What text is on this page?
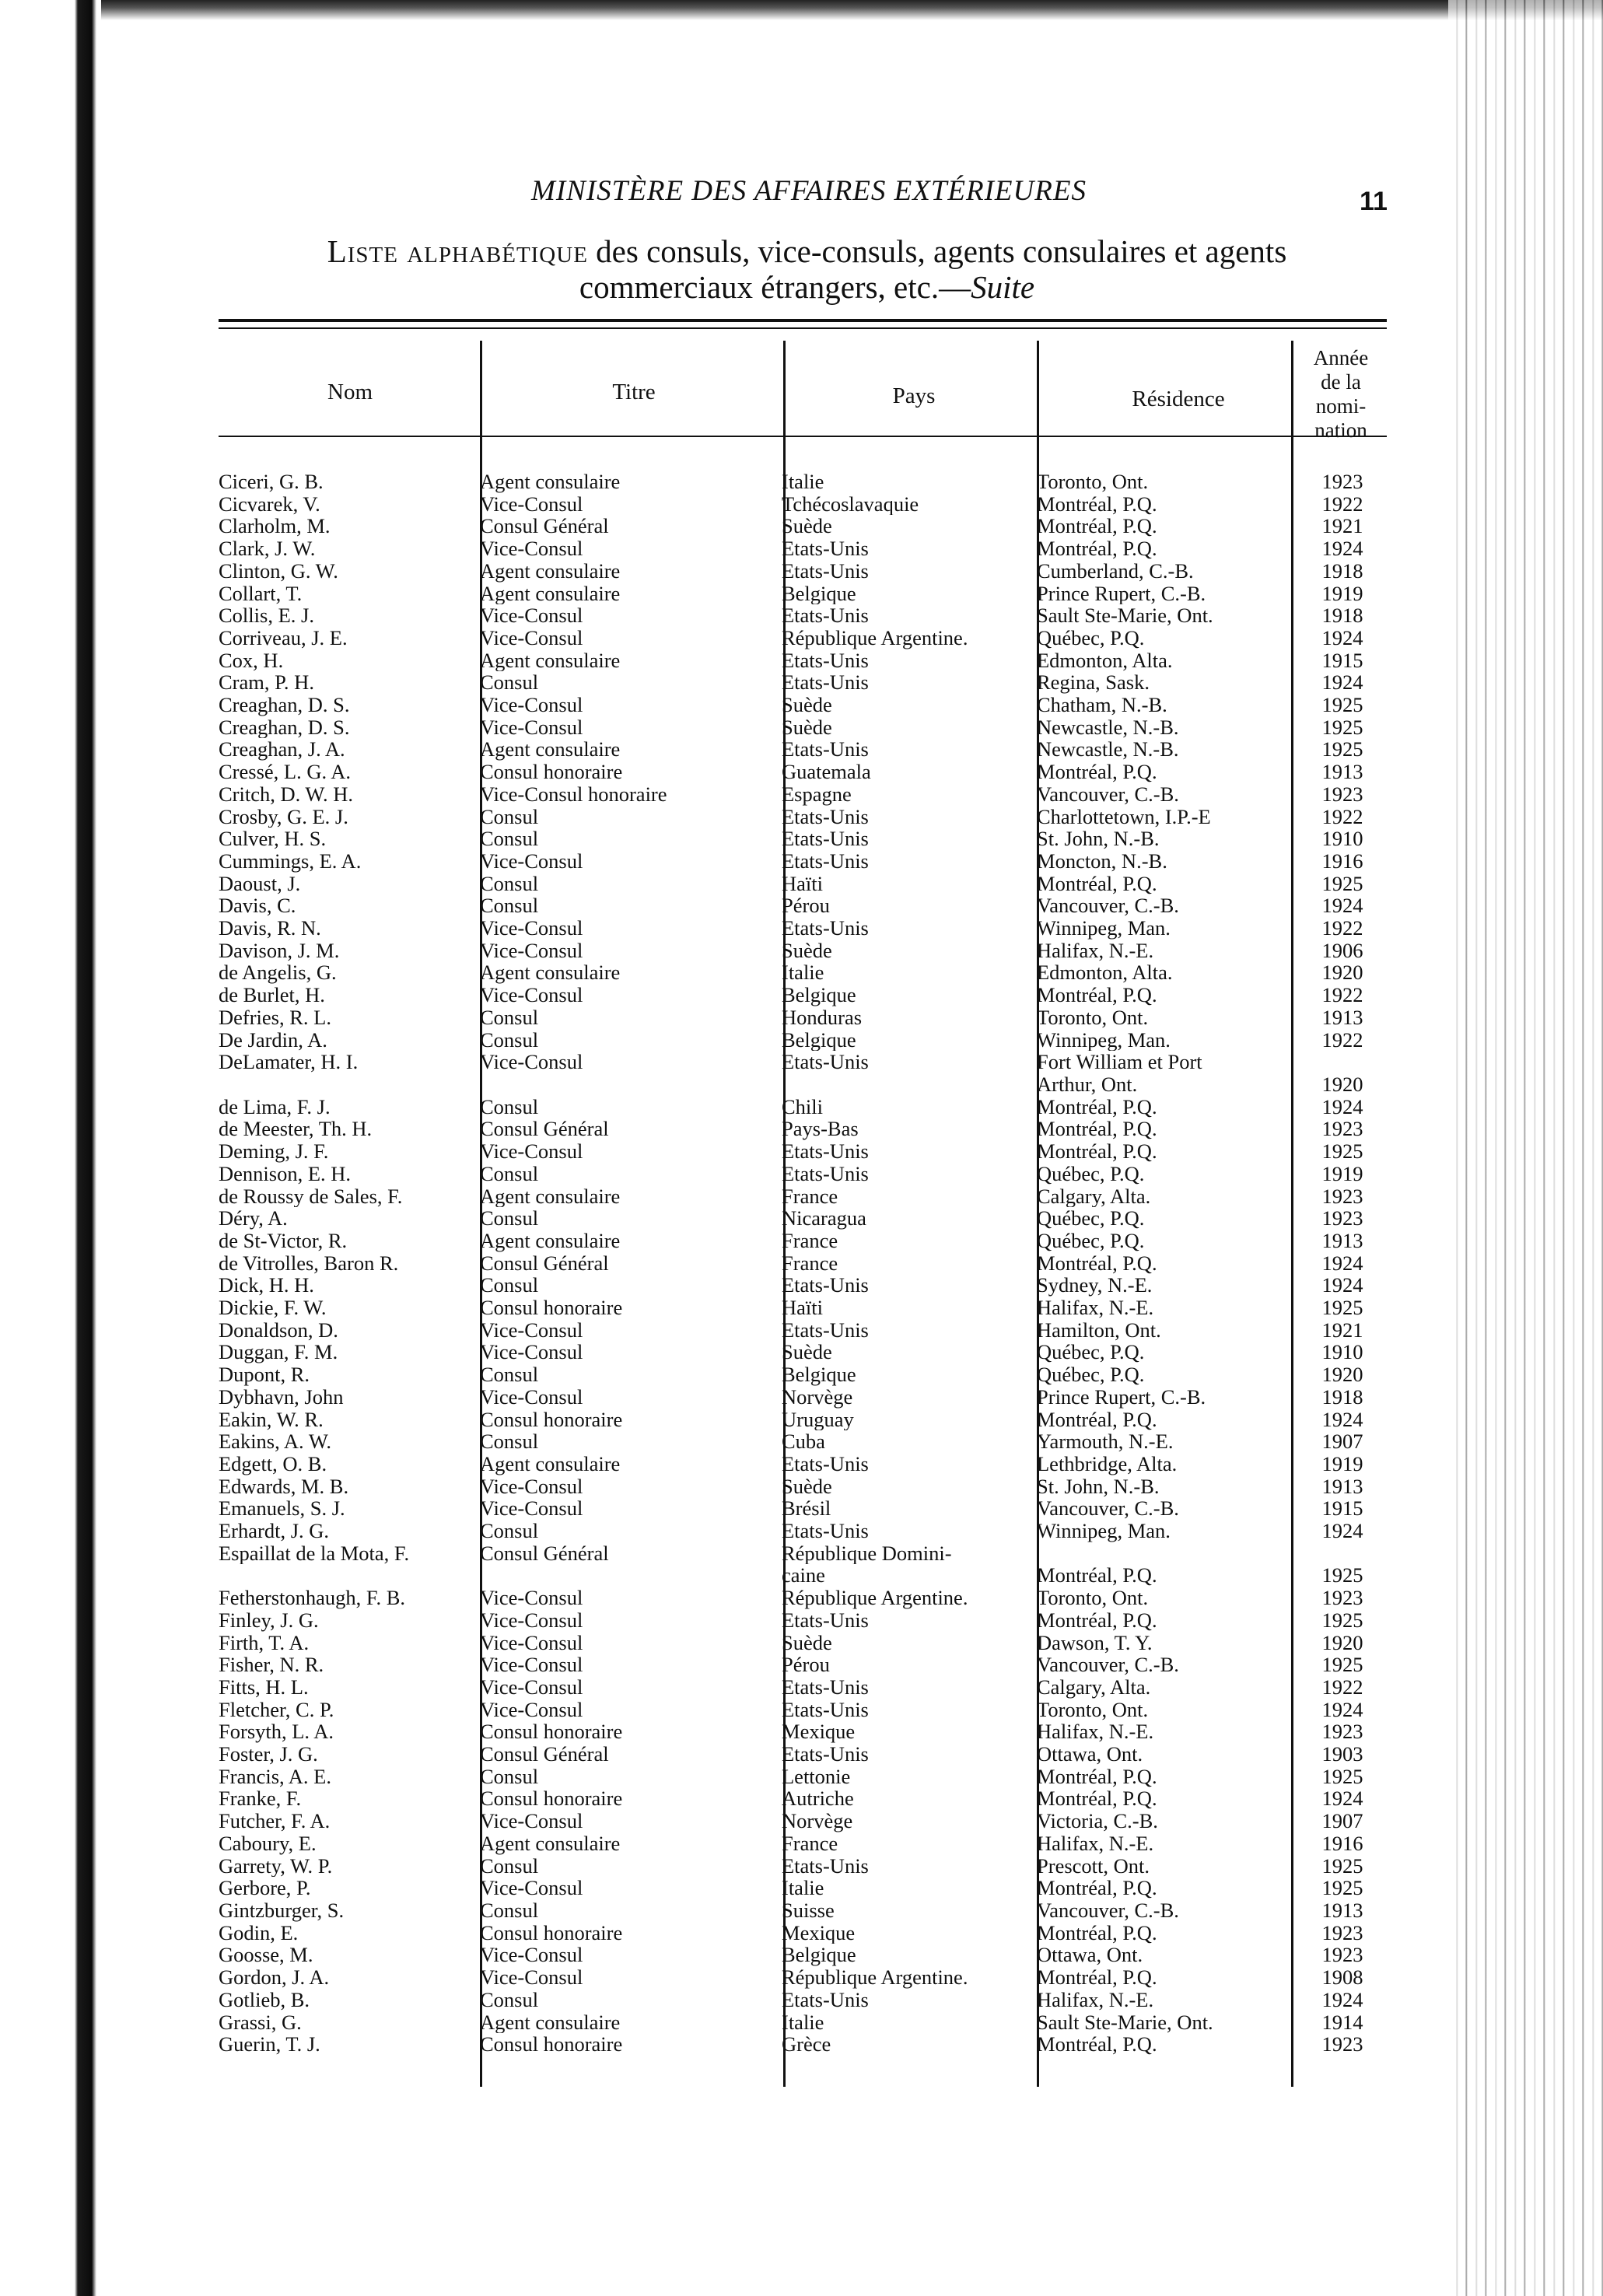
MINISTÈRE DES AFFAIRES EXTÉRIEURES	11
Liste alphabétique des consuls, vice-consuls, agents consulaires et agents
commerciaux étrangers, etc.—Suite
Nom	Titre	Pays	Résidence
Année
de la
nomi-
nation
Ciceri, G. B.	Agent consulaire	Italie	Toronto, Ont.	1923
Cicvarek, V.	Vice-Consul	Tchécoslavaquie	Montréal, P.Q.	1922
Clarholm, M.	Consul Général	Suède	Montréal, P.Q.	1921
Clark, J. W.	Vice-Consul	Etats-Unis	Montréal, P.Q.	1924
Clinton, G. W.	Agent consulaire	Etats-Unis	Cumberland, C.-B.	1918
Collart, T.	Agent consulaire	Belgique	Prince Rupert, C.-B.	1919
Collis, E. J.	Vice-Consul	Etats-Unis	Sault Ste-Marie, Ont.	1918
Corriveau, J. E.	Vice-Consul	République Argentine.	Québec, P.Q.	1924
Cox, H.	Agent consulaire	Etats-Unis	Edmonton, Alta.	1915
Cram, P. H.	Consul	Etats-Unis	Regina, Sask.	1924
Creaghan, D. S.	Vice-Consul	Suède	Chatham, N.-B.	1925
Creaghan, D. S.	Vice-Consul	Suède	Newcastle, N.-B.	1925
Creaghan, J. A.	Agent consulaire	Etats-Unis	Newcastle, N.-B.	1925
Cressé, L. G. A.	Consul honoraire	Guatemala	Montréal, P.Q.	1913
Critch, D. W. H.	Vice-Consul honoraire	Espagne	Vancouver, C.-B.	1923
Crosby, G. E. J.	Consul	Etats-Unis	Charlottetown, I.P.-E	1922
Culver, H. S.	Consul	Etats-Unis	St. John, N.-B.	1910
Cummings, E. A.	Vice-Consul	Etats-Unis	Moncton, N.-B.	1916
Daoust, J.	Consul	Haïti	Montréal, P.Q.	1925
Davis, C.	Consul	Pérou	Vancouver, C.-B.	1924
Davis, R. N.	Vice-Consul	Etats-Unis	Winnipeg, Man.	1922
Davison, J. M.	Vice-Consul	Suède	Halifax, N.-E.	1906
de Angelis, G.	Agent consulaire	Italie	Edmonton, Alta.	1920
de Burlet, H.	Vice-Consul	Belgique	Montréal, P.Q.	1922
Defries, R. L.	Consul	Honduras	Toronto, Ont.	1913
De Jardin, A.	Consul	Belgique	Winnipeg, Man.	1922
DeLamater, H. I.	Vice-Consul	Etats-Unis	Fort William et Port	
			Arthur, Ont.	1920
de Lima, F. J.	Consul	Chili	Montréal, P.Q.	1924
de Meester, Th. H.	Consul Général	Pays-Bas	Montréal, P.Q.	1923
Deming, J. F.	Vice-Consul	Etats-Unis	Montréal, P.Q.	1925
Dennison, E. H.	Consul	Etats-Unis	Québec, P.Q.	1919
de Roussy de Sales, F.	Agent consulaire	France	Calgary, Alta.	1923
Déry, A.	Consul	Nicaragua	Québec, P.Q.	1923
de St-Victor, R.	Agent consulaire	France	Québec, P.Q.	1913
de Vitrolles, Baron R.	Consul Général	France	Montréal, P.Q.	1924
Dick, H. H.	Consul	Etats-Unis	Sydney, N.-E.	1924
Dickie, F. W.	Consul honoraire	Haïti	Halifax, N.-E.	1925
Donaldson, D.	Vice-Consul	Etats-Unis	Hamilton, Ont.	1921
Duggan, F. M.	Vice-Consul	Suède	Québec, P.Q.	1910
Dupont, R.	Consul	Belgique	Québec, P.Q.	1920
Dybhavn, John	Vice-Consul	Norvège	Prince Rupert, C.-B.	1918
Eakin, W. R.	Consul honoraire	Uruguay	Montréal, P.Q.	1924
Eakins, A. W.	Consul	Cuba	Yarmouth, N.-E.	1907
Edgett, O. B.	Agent consulaire	Etats-Unis	Lethbridge, Alta.	1919
Edwards, M. B.	Vice-Consul	Suède	St. John, N.-B.	1913
Emanuels, S. J.	Vice-Consul	Brésil	Vancouver, C.-B.	1915
Erhardt, J. G.	Consul	Etats-Unis	Winnipeg, Man.	1924
Espaillat de la Mota, F.	Consul Général	République Domini-		
		caine	Montréal, P.Q.	1925
Fetherstonhaugh, F. B.	Vice-Consul	République Argentine.	Toronto, Ont.	1923
Finley, J. G.	Vice-Consul	Etats-Unis	Montréal, P.Q.	1925
Firth, T. A.	Vice-Consul	Suède	Dawson, T. Y.	1920
Fisher, N. R.	Vice-Consul	Pérou	Vancouver, C.-B.	1925
Fitts, H. L.	Vice-Consul	Etats-Unis	Calgary, Alta.	1922
Fletcher, C. P.	Vice-Consul	Etats-Unis	Toronto, Ont.	1924
Forsyth, L. A.	Consul honoraire	Mexique	Halifax, N.-E.	1923
Foster, J. G.	Consul Général	Etats-Unis	Ottawa, Ont.	1903
Francis, A. E.	Consul	Lettonie	Montréal, P.Q.	1925
Franke, F.	Consul honoraire	Autriche	Montréal, P.Q.	1924
Futcher, F. A.	Vice-Consul	Norvège	Victoria, C.-B.	1907
Caboury, E.	Agent consulaire	France	Halifax, N.-E.	1916
Garrety, W. P.	Consul	Etats-Unis	Prescott, Ont.	1925
Gerbore, P.	Vice-Consul	Italie	Montréal, P.Q.	1925
Gintzburger, S.	Consul	Suisse	Vancouver, C.-B.	1913
Godin, E.	Consul honoraire	Mexique	Montréal, P.Q.	1923
Goosse, M.	Vice-Consul	Belgique	Ottawa, Ont.	1923
Gordon, J. A.	Vice-Consul	République Argentine.	Montréal, P.Q.	1908
Gotlieb, B.	Consul	Etats-Unis	Halifax, N.-E.	1924
Grassi, G.	Agent consulaire	Italie	Sault Ste-Marie, Ont.	1914
Guerin, T. J.	Consul honoraire	Grèce	Montréal, P.Q.	1923
